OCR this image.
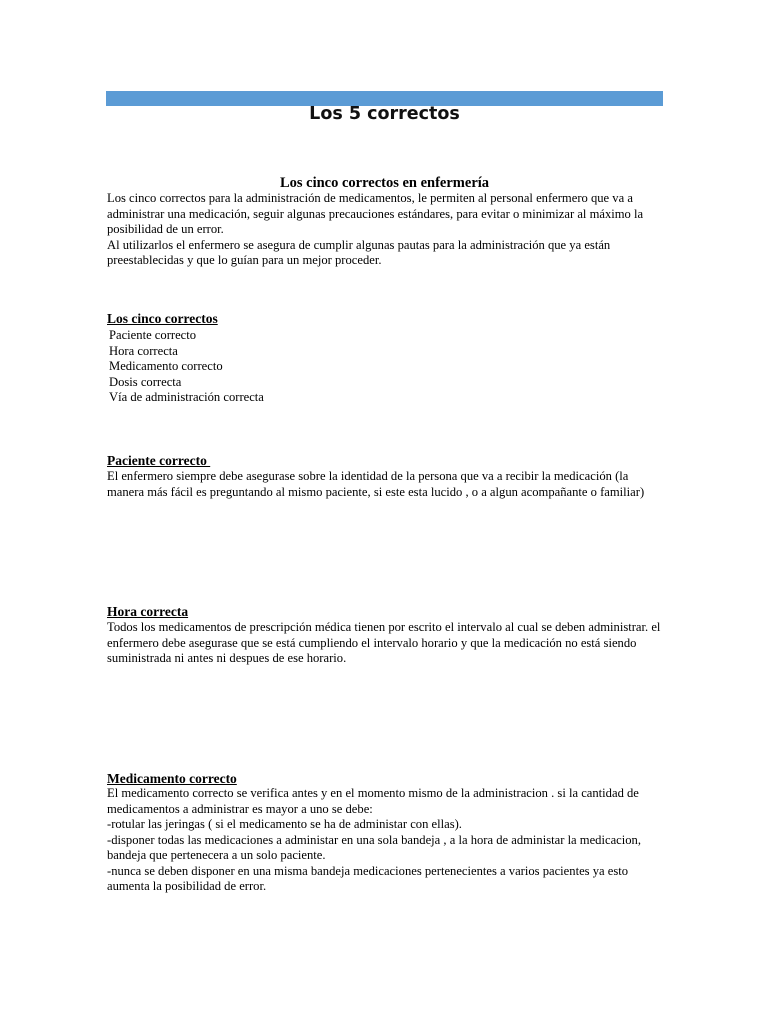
Los 5 correctos
Los cinco correctos en enfermería
Los cinco correctos para la administración de medicamentos, le permiten al personal enfermero que va a
administrar una medicación, seguir algunas precauciones estándares, para evitar o minimizar al máximo la
posibilidad de un error.
Al utilizarlos el enfermero se asegura de cumplir algunas pautas para la administración que ya están
preestablecidas y que lo guían para un mejor proceder.
Los cinco correctos
Paciente correcto
Hora correcta
Medicamento correcto
Dosis correcta
Vía de administración correcta
Paciente correcto
El enfermero siempre debe asegurase sobre la identidad de la persona que va a recibir la medicación (la
manera más fácil es preguntando al mismo paciente, si este esta lucido , o a algun acompañante o familiar)
Hora correcta
Todos los medicamentos de prescripción médica tienen por escrito el intervalo al cual se deben administrar. el
enfermero debe asegurase que se está cumpliendo el intervalo horario y que la medicación no está siendo
suministrada ni antes ni despues de ese horario.
Medicamento correcto
El medicamento correcto se verifica antes y en el momento mismo de la administracion . si la cantidad de
medicamentos a administrar es mayor a uno se debe:
-rotular las jeringas ( si el medicamento se ha de administar con ellas).
-disponer todas las medicaciones a administar en una sola bandeja , a la hora de administar la medicacion,
bandeja que pertenecera a un solo paciente.
-nunca se deben disponer en una misma bandeja medicaciones pertenecientes a varios pacientes ya esto
aumenta la posibilidad de error.
